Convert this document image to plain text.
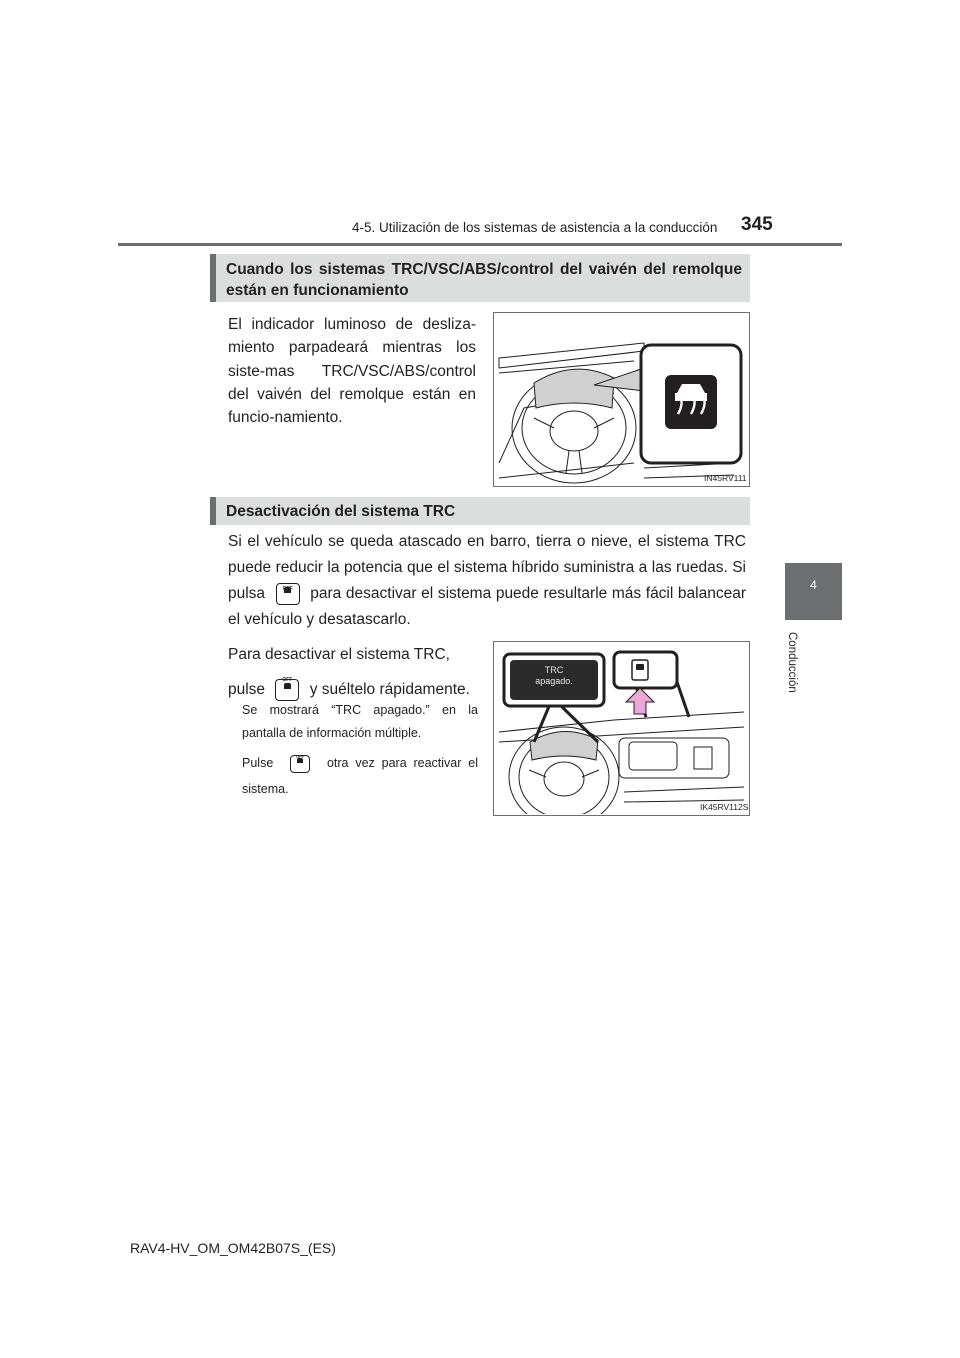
4-5. Utilización de los sistemas de asistencia a la conducción 345
4
Conducción
Cuando los sistemas TRC/VSC/ABS/control del vaivén del remolque están en funcionamiento
El indicador luminoso de desliza-miento parpadeará mientras los siste-mas TRC/VSC/ABS/control del vaivén del remolque están en funcio-namiento.
IN45RV111
Desactivación del sistema TRC
Si el vehículo se queda atascado en barro, tierra o nieve, el sistema TRC puede reducir la potencia que el sistema híbrido suministra a las ruedas. Si pulsa	OFF	para desactivar el sistema puede resultarle más fácil balancear el vehículo y desatascarlo.
Para desactivar el sistema TRC, pulse
OFF
y suéltelo rápidamente.
Se mostrará “TRC apagado.” en la pantalla de información múltiple.
Pulse	OFF	otra vez para reactivar el sistema.
TRC
apagado.
IK45RV112S
RAV4-HV_OM_OM42B07S_(ES)
